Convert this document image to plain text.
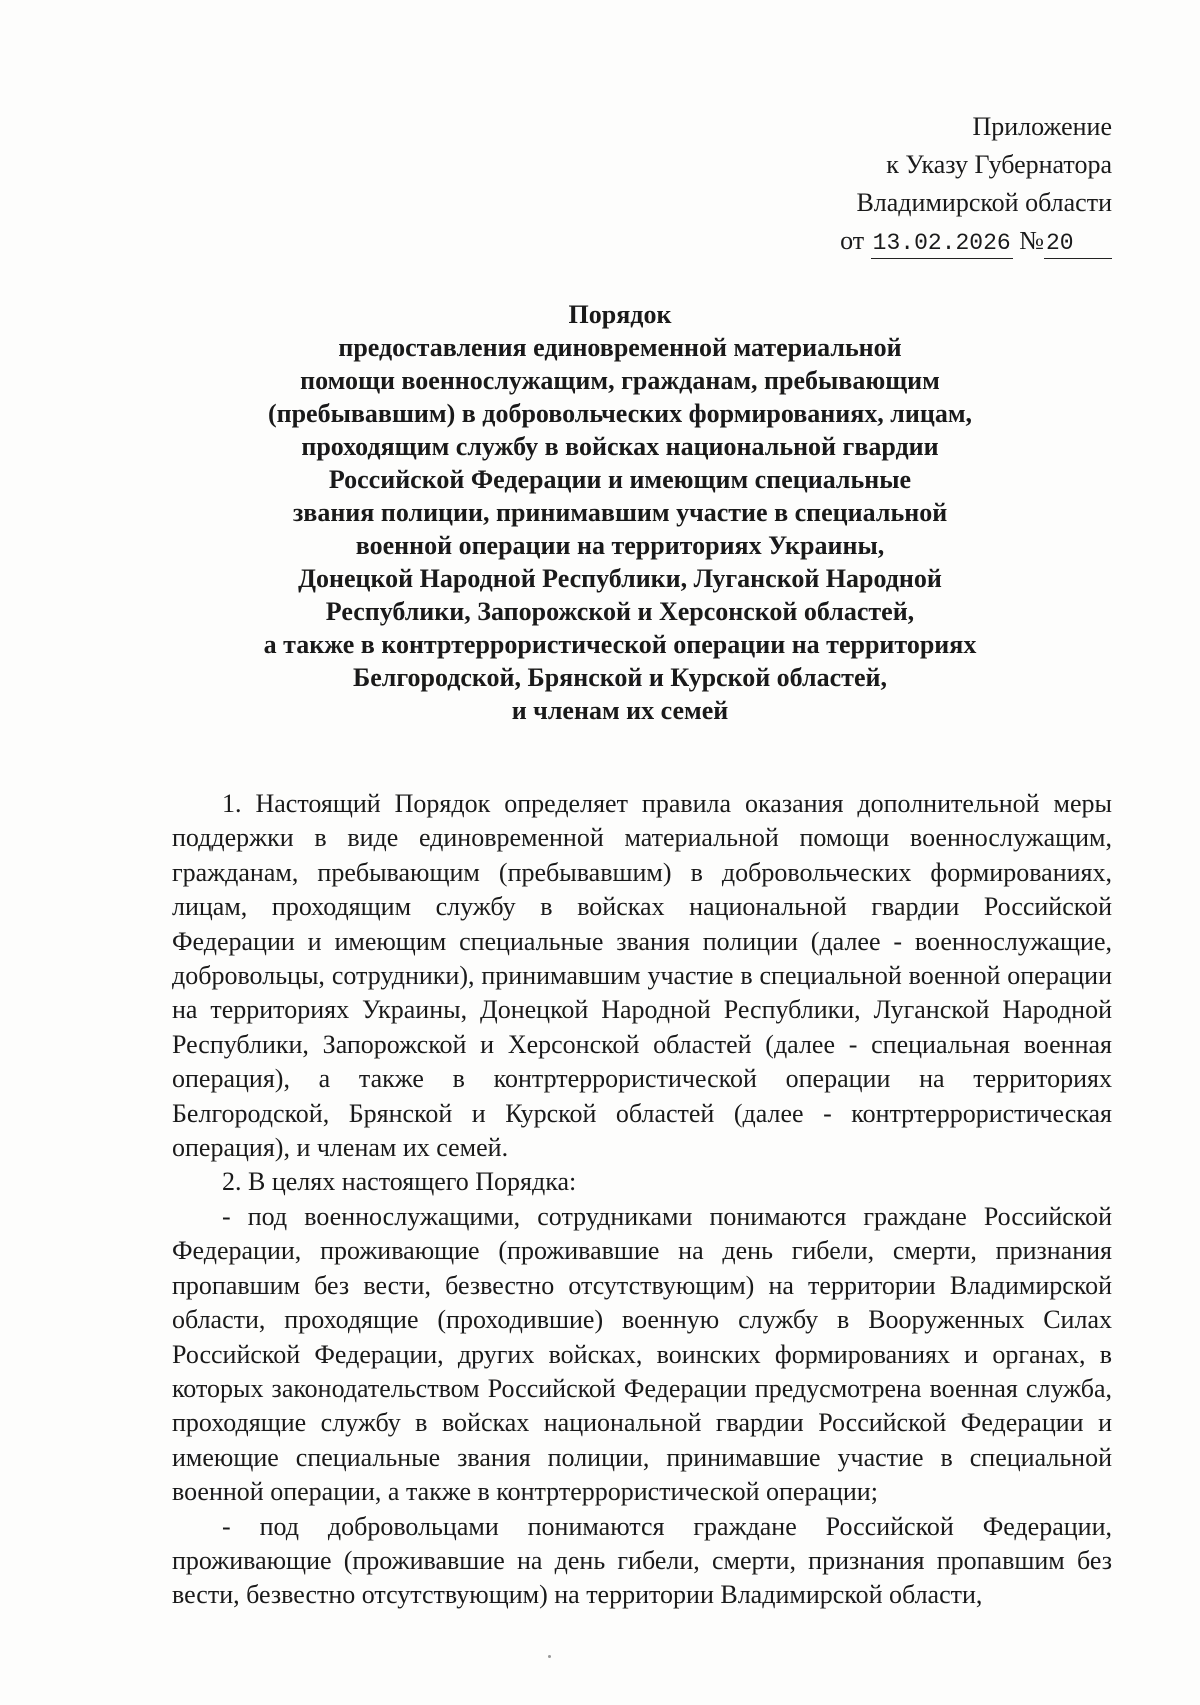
Приложение
к Указу Губернатора
Владимирской области
от 13.02.2026 №20
Порядок
предоставления единовременной материальной
помощи военнослужащим, гражданам, пребывающим
(пребывавшим) в добровольческих формированиях, лицам,
проходящим службу в войсках национальной гвардии
Российской Федерации и имеющим специальные
звания полиции, принимавшим участие в специальной
военной операции на территориях Украины,
Донецкой Народной Республики, Луганской Народной
Республики, Запорожской и Херсонской областей,
а также в контртеррористической операции на территориях
Белгородской, Брянской и Курской областей,
и членам их семей

1. Настоящий Порядок определяет правила оказания дополнительной меры поддержки в виде единовременной материальной помощи военнослужащим, гражданам, пребывающим (пребывавшим) в добровольческих формированиях, лицам, проходящим службу в войсках национальной гвардии Российской Федерации и имеющим специальные звания полиции (далее - военнослужащие, добровольцы, сотрудники), принимавшим участие в специальной военной операции на территориях Украины, Донецкой Народной Республики, Луганской Народной Республики, Запорожской и Херсонской областей (далее - специальная военная операция), а также в контртеррористической операции на территориях Белгородской, Брянской и Курской областей (далее - контртеррористическая операция), и членам их семей.

2. В целях настоящего Порядка:

- под военнослужащими, сотрудниками понимаются граждане Российской Федерации, проживающие (проживавшие на день гибели, смерти, признания пропавшим без вести, безвестно отсутствующим) на территории Владимирской области, проходящие (проходившие) военную службу в Вооруженных Силах Российской Федерации, других войсках, воинских формированиях и органах, в которых законодательством Российской Федерации предусмотрена военная служба, проходящие службу в войсках национальной гвардии Российской Федерации и имеющие специальные звания полиции, принимавшие участие в специальной военной операции, а также в контртеррористической операции;

- под добровольцами понимаются граждане Российской Федерации, проживающие (проживавшие на день гибели, смерти, признания пропавшим без вести, безвестно отсутствующим) на территории Владимирской области,
